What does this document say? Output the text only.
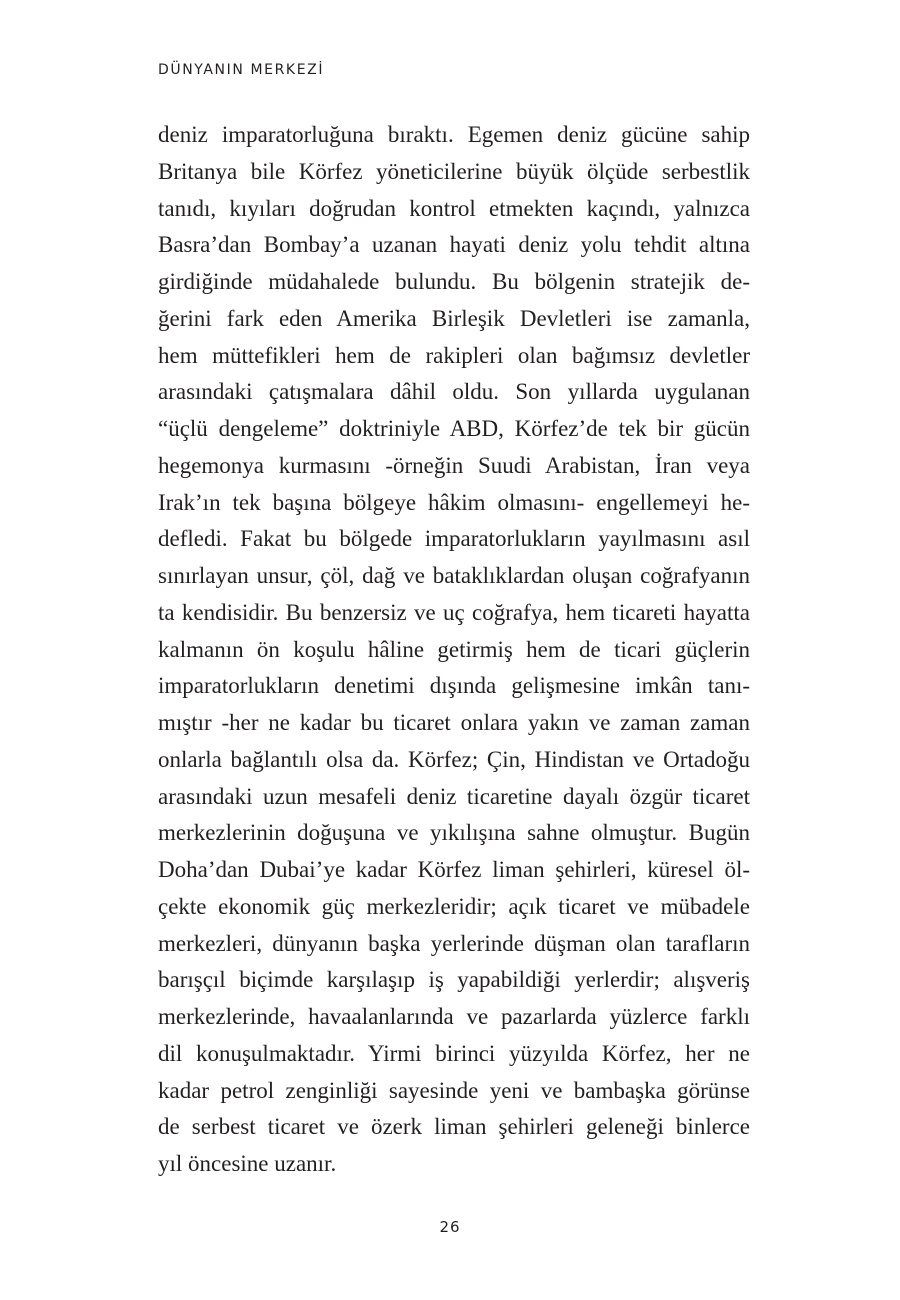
DÜNYANIN MERKEZİ
deniz imparatorluğuna bıraktı. Egemen deniz gücüne sahip
Britanya bile Körfez yöneticilerine büyük ölçüde serbestlik
tanıdı, kıyıları doğrudan kontrol etmekten kaçındı, yalnızca
Basra’dan Bombay’a uzanan hayati deniz yolu tehdit altına
girdiğinde müdahalede bulundu. Bu bölgenin stratejik de-
ğerini fark eden Amerika Birleşik Devletleri ise zamanla,
hem müttefikleri hem de rakipleri olan bağımsız devletler
arasındaki çatışmalara dâhil oldu. Son yıllarda uygulanan
“üçlü dengeleme” doktriniyle ABD, Körfez’de tek bir gücün
hegemonya kurmasını -örneğin Suudi Arabistan, İran veya
Irak’ın tek başına bölgeye hâkim olmasını- engellemeyi he-
defledi. Fakat bu bölgede imparatorlukların yayılmasını asıl
sınırlayan unsur, çöl, dağ ve bataklıklardan oluşan coğrafyanın
ta kendisidir. Bu benzersiz ve uç coğrafya, hem ticareti hayatta
kalmanın ön koşulu hâline getirmiş hem de ticari güçlerin
imparatorlukların denetimi dışında gelişmesine imkân tanı-
mıştır -her ne kadar bu ticaret onlara yakın ve zaman zaman
onlarla bağlantılı olsa da. Körfez; Çin, Hindistan ve Ortadoğu
arasındaki uzun mesafeli deniz ticaretine dayalı özgür ticaret
merkezlerinin doğuşuna ve yıkılışına sahne olmuştur. Bugün
Doha’dan Dubai’ye kadar Körfez liman şehirleri, küresel öl-
çekte ekonomik güç merkezleridir; açık ticaret ve mübadele
merkezleri, dünyanın başka yerlerinde düşman olan tarafların
barışçıl biçimde karşılaşıp iş yapabildiği yerlerdir; alışveriş
merkezlerinde, havaalanlarında ve pazarlarda yüzlerce farklı
dil konuşulmaktadır. Yirmi birinci yüzyılda Körfez, her ne
kadar petrol zenginliği sayesinde yeni ve bambaşka görünse
de serbest ticaret ve özerk liman şehirleri geleneği binlerce
yıl öncesine uzanır.
26
